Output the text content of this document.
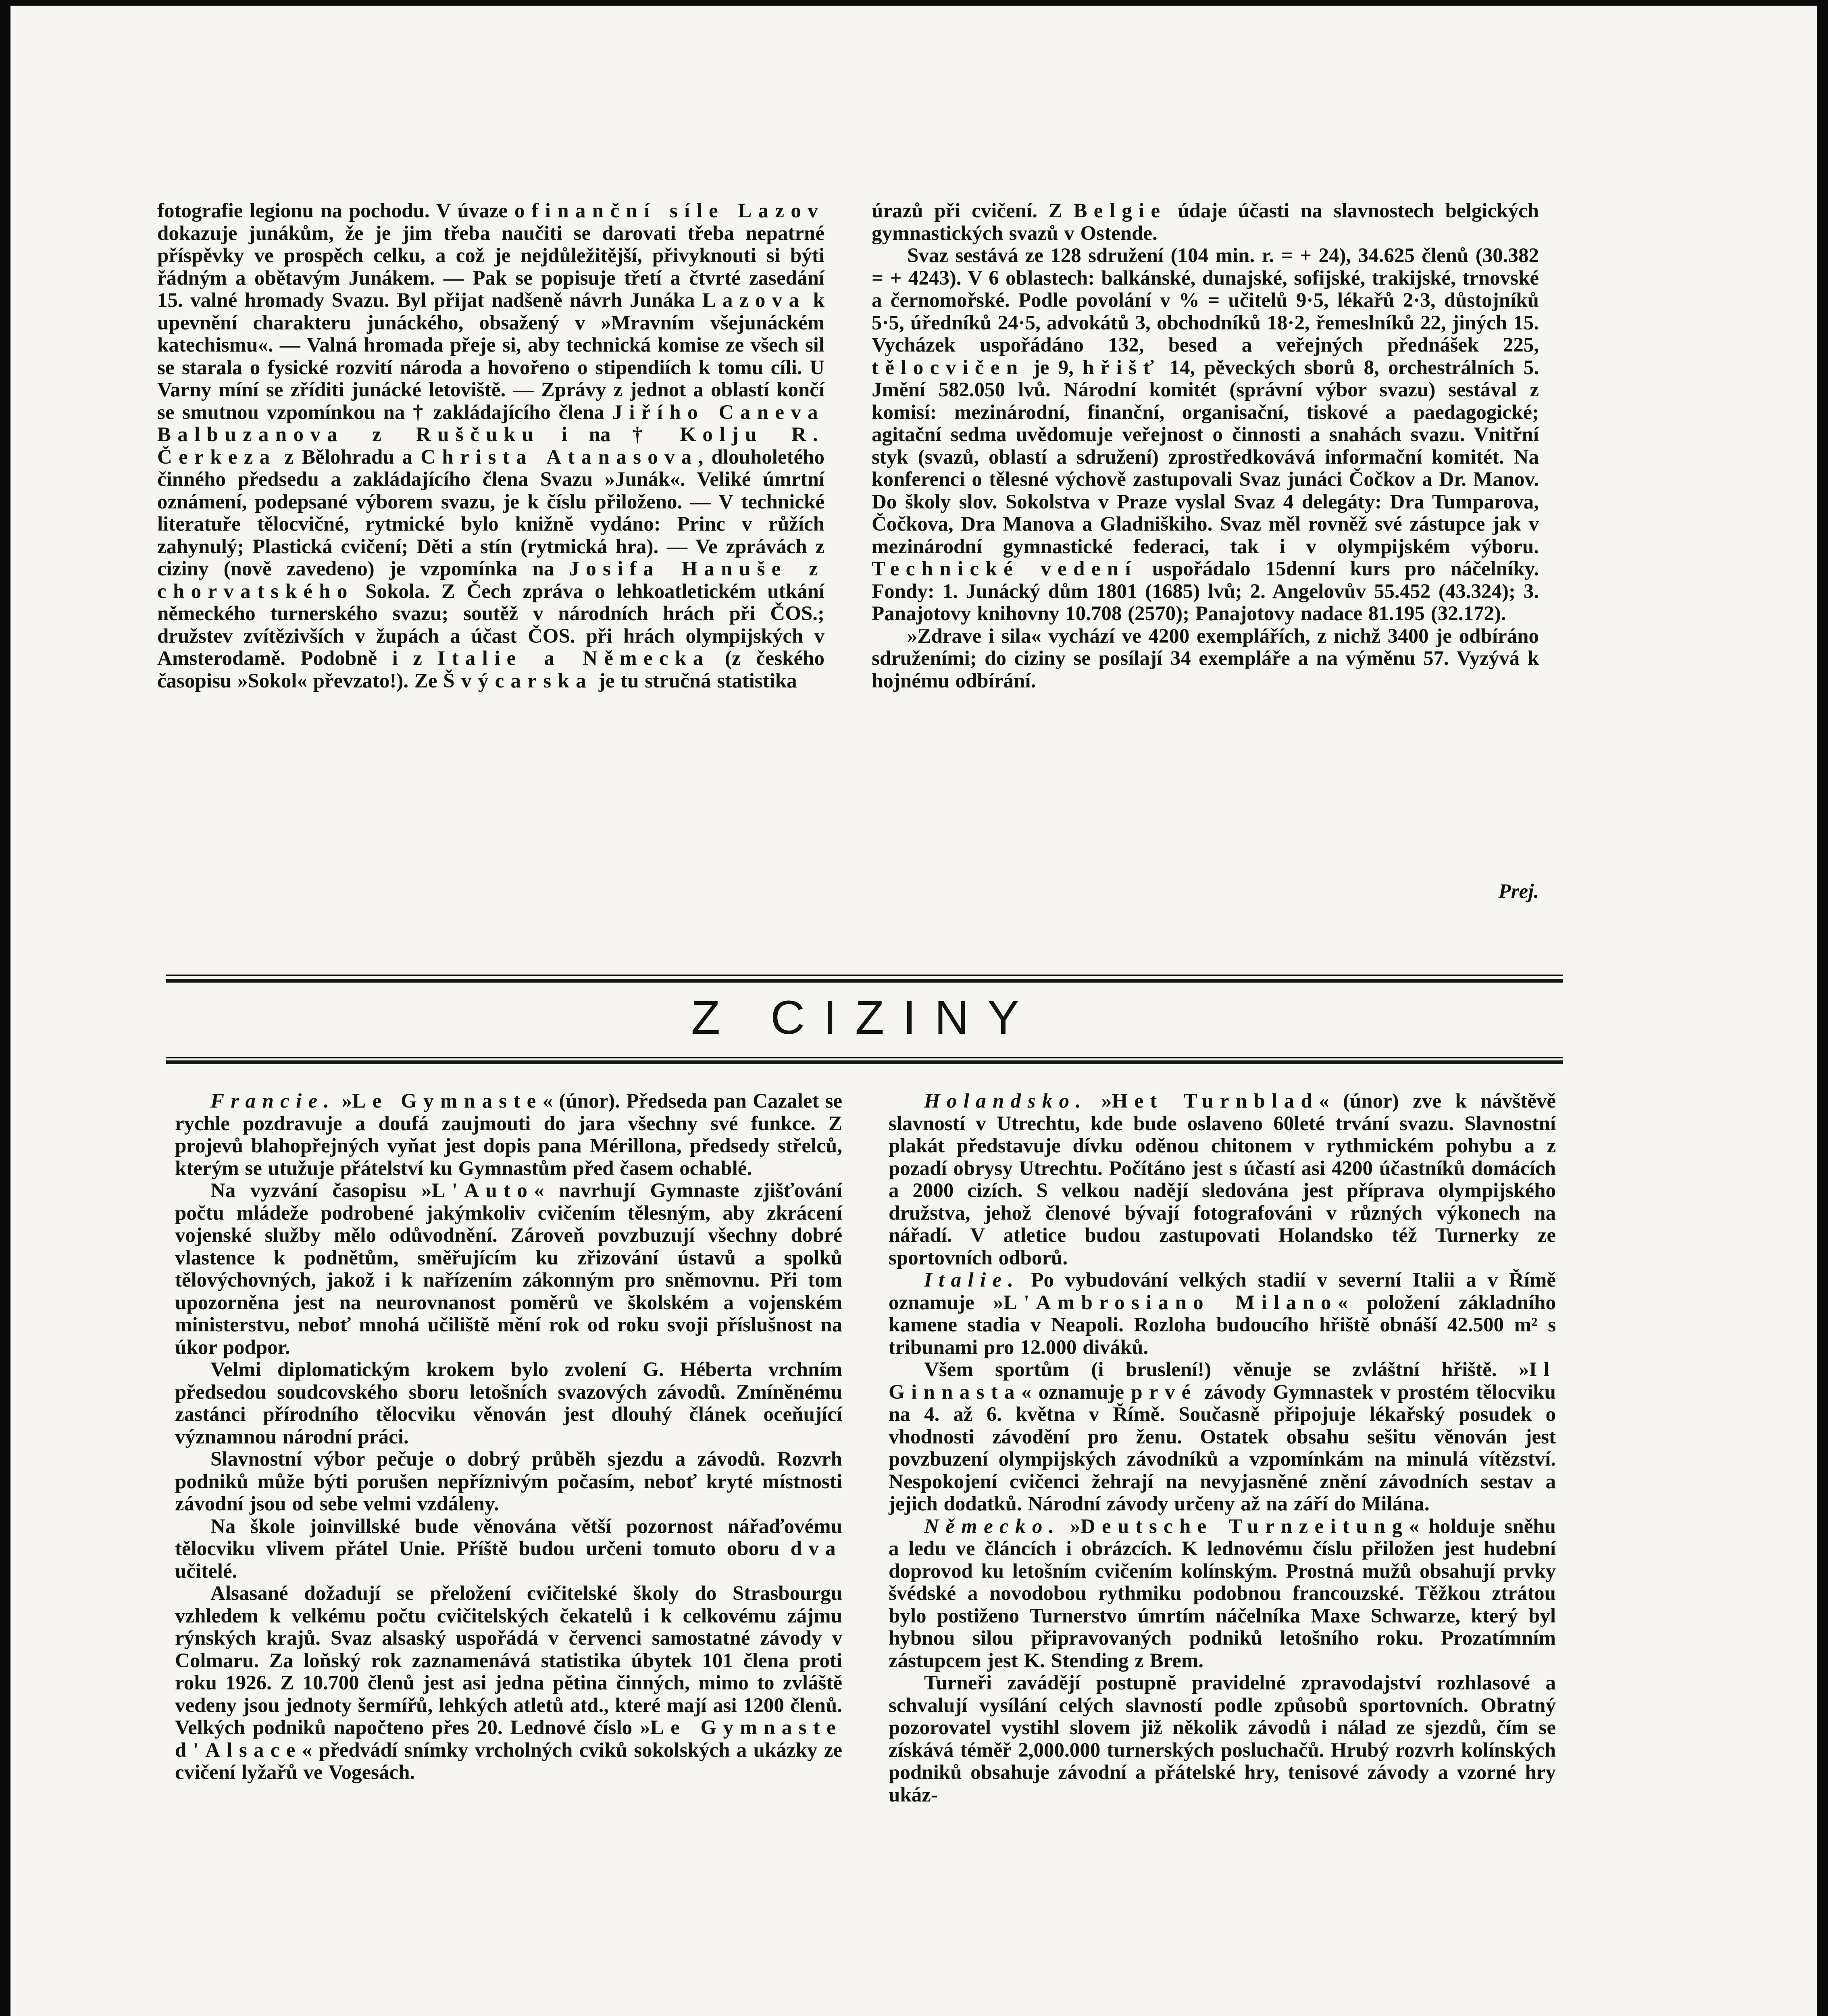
fotografie legionu na pochodu. V úvaze o finanční síle Lazov dokazuje junákům, že je jim třeba naučiti se darovati třeba nepatrné příspěvky ve prospěch celku, a což je nejdůležitější, přivyknouti si býti řádným a obětavým Junákem. — Pak se popisuje třetí a čtvrté zasedání 15. valné hromady Svazu. Byl přijat nadšeně návrh Junáka Lazova k upevnění charakteru junáckého, obsažený v »Mravním všejunáckém katechismu«. — Valná hromada přeje si, aby technická komise ze všech sil se starala o fysické rozvití národa a hovořeno o stipendiích k tomu cíli. U Varny míní se zříditi junácké letoviště. — Zprávy z jednot a oblastí končí se smutnou vzpomínkou na † zakládajícího člena Jiřího Caneva Balbuzanova z Ruščuku i na † Kolju R. Čerkeza z Bělohradu a Christa Atanasova, dlouholetého činného předsedu a zakládajícího člena Svazu »Junák«. Veliké úmrtní oznámení, podepsané výborem svazu, je k číslu přiloženo. — V technické literatuře tělocvičné, rytmické bylo knižně vydáno: Princ v růžích zahynulý; Plastická cvičení; Děti a stín (rytmická hra). — Ve zprávách z ciziny (nově zavedeno) je vzpomínka na Josifa Hanuše z chorvatského Sokola. Z Čech zpráva o lehkoatletickém utkání německého turnerského svazu; soutěž v národních hrách při ČOS.; družstev zvítězivších v župách a účast ČOS. při hrách olympijských v Amsterodamě. Podobně i z Italie a Německa (z českého časopisu »Sokol« převzato!). Ze Švýcarska je tu stručná statistika

úrazů při cvičení. Z Belgie údaje účasti na slavnostech belgických gymnastických svazů v Ostende.

Svaz sestává ze 128 sdružení (104 min. r. = + 24), 34.625 členů (30.382 = + 4243). V 6 oblastech: balkánské, dunajské, sofijské, trakijské, trnovské a černomořské. Podle povolání v % = učitelů 9·5, lékařů 2·3, důstojníků 5·5, úředníků 24·5, advokátů 3, obchodníků 18·2, řemeslníků 22, jiných 15. Vycházek uspořádáno 132, besed a veřejných přednášek 225, tělocvičen je 9, hřišť 14, pěveckých sborů 8, orchestrálních 5. Jmění 582.050 lvů. Národní komitét (správní výbor svazu) sestával z komisí: mezinárodní, finanční, organisační, tiskové a paedagogické; agitační sedma uvědomuje veřejnost o činnosti a snahách svazu. Vnitřní styk (svazů, oblastí a sdružení) zprostředkovává informační komitét. Na konferenci o tělesné výchově zastupovali Svaz junáci Čočkov a Dr. Manov. Do školy slov. Sokolstva v Praze vyslal Svaz 4 delegáty: Dra Tumparova, Čočkova, Dra Manova a Gladniškiho. Svaz měl rovněž své zástupce jak v mezinárodní gymnastické federaci, tak i v olympijském výboru. Technické vedení uspořádalo 15denní kurs pro náčelníky. Fondy: 1. Junácký dům 1801 (1685) lvů; 2. Angelovův 55.452 (43.324); 3. Panajotovy knihovny 10.708 (2570); Panajotovy nadace 81.195 (32.172).

»Zdrave i sila« vychází ve 4200 exemplářích, z nichž 3400 je odbíráno sdruženími; do ciziny se posílají 34 exempláře a na výměnu 57. Vyzývá k hojnému odbírání.

Prej.
Z CIZINY

Francie. »Le Gymnaste« (únor). Předseda pan Cazalet se rychle pozdravuje a doufá zaujmouti do jara všechny své funkce. Z projevů blahopřejných vyňat jest dopis pana Mérillona, předsedy střelců, kterým se utužuje přátelství ku Gymnastům před časem ochablé.

Na vyzvání časopisu »L'Auto« navrhují Gymnaste zjišťování počtu mládeže podrobené jakýmkoliv cvičením tělesným, aby zkrácení vojenské služby mělo odůvodnění. Zároveň povzbuzují všechny dobré vlastence k podnětům, směřujícím ku zřizování ústavů a spolků tělovýchovných, jakož i k nařízením zákonným pro sněmovnu. Při tom upozorněna jest na neurovnanost poměrů ve školském a vojenském ministerstvu, neboť mnohá učiliště mění rok od roku svoji příslušnost na úkor podpor.

Velmi diplomatickým krokem bylo zvolení G. Héberta vrchním předsedou soudcovského sboru letošních svazových závodů. Zmíněnému zastánci přírodního tělocviku věnován jest dlouhý článek oceňující významnou národní práci.

Slavnostní výbor pečuje o dobrý průběh sjezdu a závodů. Rozvrh podniků může býti porušen nepříznivým počasím, neboť kryté místnosti závodní jsou od sebe velmi vzdáleny.

Na škole joinvillské bude věnována větší pozornost nářaďovému tělocviku vlivem přátel Unie. Příště budou určeni tomuto oboru dva učitelé.

Alsasané dožadují se přeložení cvičitelské školy do Strasbourgu vzhledem k velkému počtu cvičitelských čekatelů i k celkovému zájmu rýnských krajů. Svaz alsaský uspořádá v červenci samostatné závody v Colmaru. Za loňský rok zaznamenává statistika úbytek 101 člena proti roku 1926. Z 10.700 členů jest asi jedna pětina činných, mimo to zvláště vedeny jsou jednoty šermířů, lehkých atletů atd., které mají asi 1200 členů. Velkých podniků napočteno přes 20. Lednové číslo »Le Gymnaste d'Alsace« předvádí snímky vrcholných cviků sokolských a ukázky ze cvičení lyžařů ve Vogesách.

Holandsko. »Het Turnblad« (únor) zve k návštěvě slavností v Utrechtu, kde bude oslaveno 60leté trvání svazu. Slavnostní plakát představuje dívku oděnou chitonem v rythmickém pohybu a z pozadí obrysy Utrechtu. Počítáno jest s účastí asi 4200 účastníků domácích a 2000 cizích. S velkou nadějí sledována jest příprava olympijského družstva, jehož členové bývají fotografováni v různých výkonech na nářadí. V atletice budou zastupovati Holandsko též Turnerky ze sportovních odborů.

Italie. Po vybudování velkých stadií v severní Italii a v Římě oznamuje »L'Ambrosiano Milano« položení základního kamene stadia v Neapoli. Rozloha budoucího hřiště obnáší 42.500 m² s tribunami pro 12.000 diváků.

Všem sportům (i bruslení!) věnuje se zvláštní hřiště. »Il Ginnasta« oznamuje prvé závody Gymnastek v prostém tělocviku na 4. až 6. května v Římě. Současně připojuje lékařský posudek o vhodnosti závodění pro ženu. Ostatek obsahu sešitu věnován jest povzbuzení olympijských závodníků a vzpomínkám na minulá vítězství. Nespokojení cvičenci žehrají na nevyjasněné znění závodních sestav a jejich dodatků. Národní závody určeny až na září do Milána.

Německo. »Deutsche Turnzeitung« holduje sněhu a ledu ve článcích i obrázcích. K lednovému číslu přiložen jest hudební doprovod ku letošním cvičením kolínským. Prostná mužů obsahují prvky švédské a novodobou rythmiku podobnou francouzské. Těžkou ztrátou bylo postiženo Turnerstvo úmrtím náčelníka Maxe Schwarze, který byl hybnou silou připravovaných podniků letošního roku. Prozatímním zástupcem jest K. Stending z Brem.

Turneři zavádějí postupně pravidelné zpravodajství rozhlasové a schvalují vysílání celých slavností podle způsobů sportovních. Obratný pozorovatel vystihl slovem již několik závodů i nálad ze sjezdů, čím se získává téměř 2,000.000 turnerských posluchačů. Hrubý rozvrh kolínských podniků obsahuje závodní a přátelské hry, tenisové závody a vzorné hry ukáz-
